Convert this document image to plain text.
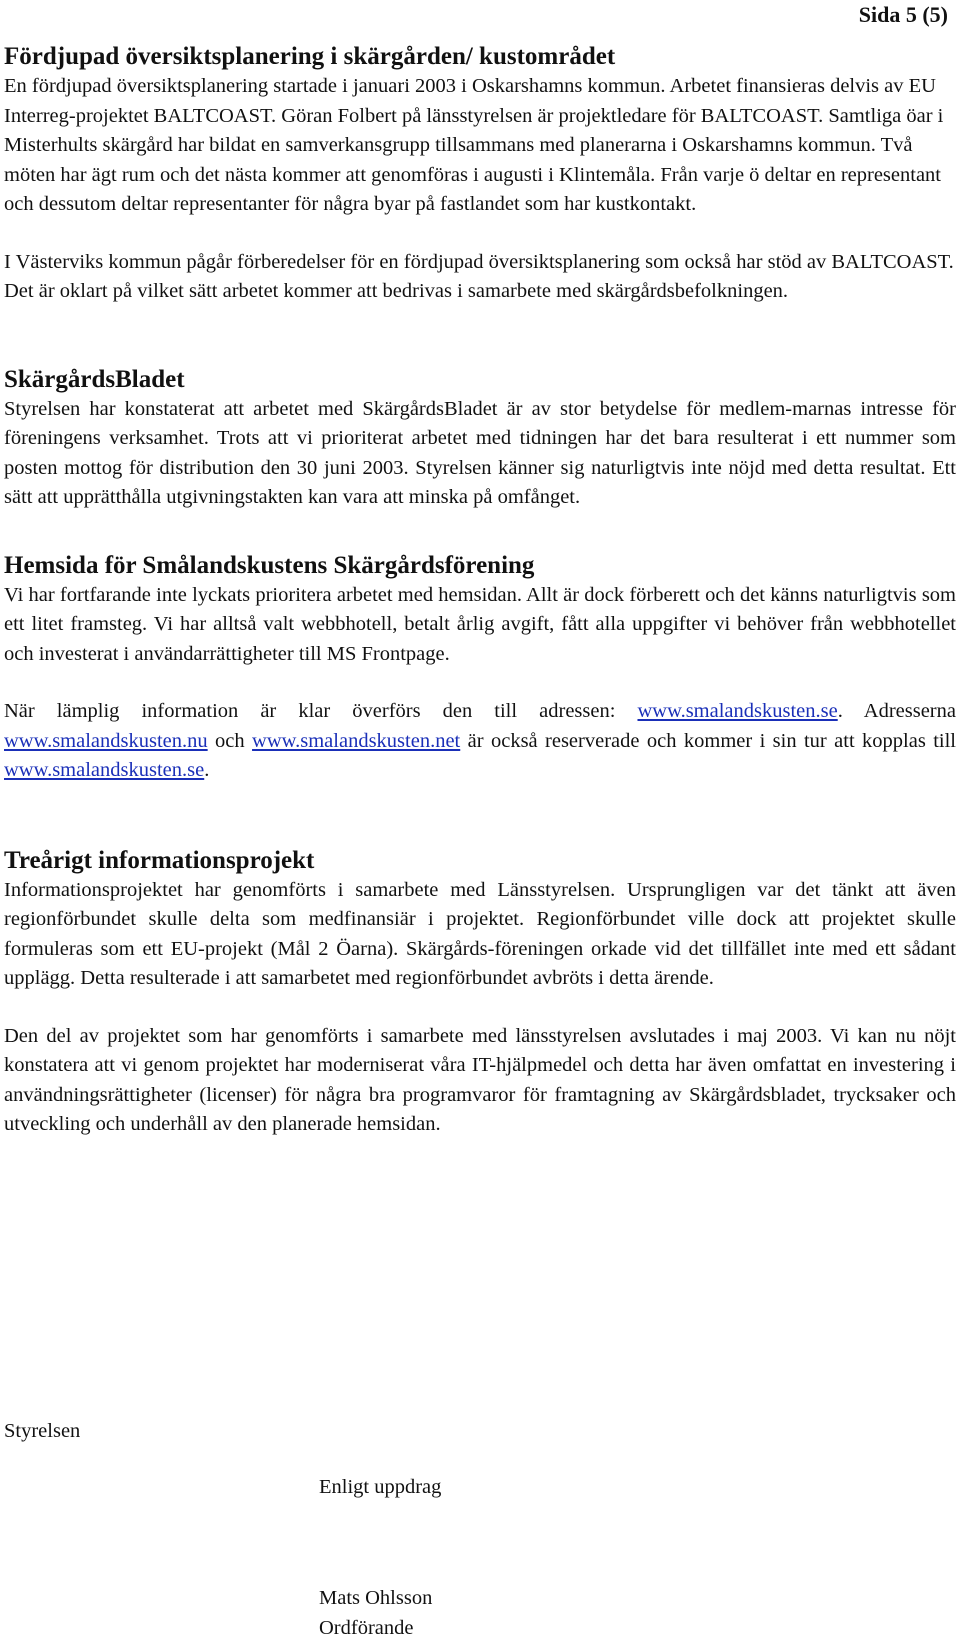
Sida 5 (5)
Fördjupad översiktsplanering i skärgården/ kustområdet

En fördjupad översiktsplanering startade i januari 2003 i Oskarshamns kommun. Arbetet finansieras delvis av EU Interreg-projektet BALTCOAST. Göran Folbert på länsstyrelsen är projektledare för BALTCOAST. Samtliga öar i Misterhults skärgård har bildat en samverkansgrupp tillsammans med planerarna i Oskarshamns kommun. Två möten har ägt rum och det nästa kommer att genomföras i augusti i Klintemåla. Från varje ö deltar en representant och dessutom deltar representanter för några byar på fastlandet som har kustkontakt.

I Västerviks kommun pågår förberedelser för en fördjupad översiktsplanering som också har stöd av BALTCOAST. Det är oklart på vilket sätt arbetet kommer att bedrivas i samarbete med skärgårdsbefolkningen.

SkärgårdsBladet

Styrelsen har konstaterat att arbetet med SkärgårdsBladet är av stor betydelse för medlem-marnas intresse för föreningens verksamhet. Trots att vi prioriterat arbetet med tidningen har det bara resulterat i ett nummer som posten mottog för distribution den 30 juni 2003. Styrelsen känner sig naturligtvis inte nöjd med detta resultat. Ett sätt att upprätthålla utgivningstakten kan vara att minska på omfånget.

Hemsida för Smålandskustens Skärgårdsförening

Vi har fortfarande inte lyckats prioritera arbetet med hemsidan. Allt är dock förberett och det känns naturligtvis som ett litet framsteg. Vi har alltså valt webbhotell, betalt årlig avgift, fått alla uppgifter vi behöver från webbhotellet och investerat i användarrättigheter till MS Frontpage.

När lämplig information är klar överförs den till adressen: www.smalandskusten.se. Adresserna www.smalandskusten.nu och www.smalandskusten.net är också reserverade och kommer i sin tur att kopplas till www.smalandskusten.se.

Treårigt informationsprojekt

Informationsprojektet har genomförts i samarbete med Länsstyrelsen. Ursprungligen var det tänkt att även regionförbundet skulle delta som medfinansiär i projektet. Regionförbundet ville dock att projektet skulle formuleras som ett EU-projekt (Mål 2 Öarna). Skärgårds-föreningen orkade vid det tillfället inte med ett sådant upplägg. Detta resulterade i att samarbetet med regionförbundet avbröts i detta ärende.

Den del av projektet som har genomförts i samarbete med länsstyrelsen avslutades i maj 2003. Vi kan nu nöjt konstatera att vi genom projektet har moderniserat våra IT-hjälpmedel och detta har även omfattat en investering i användningsrättigheter (licenser) för några bra programvaror för framtagning av Skärgårdsbladet, trycksaker och utveckling och underhåll av den planerade hemsidan.

Styrelsen
Enligt uppdrag
Mats Ohlsson
Ordförande
